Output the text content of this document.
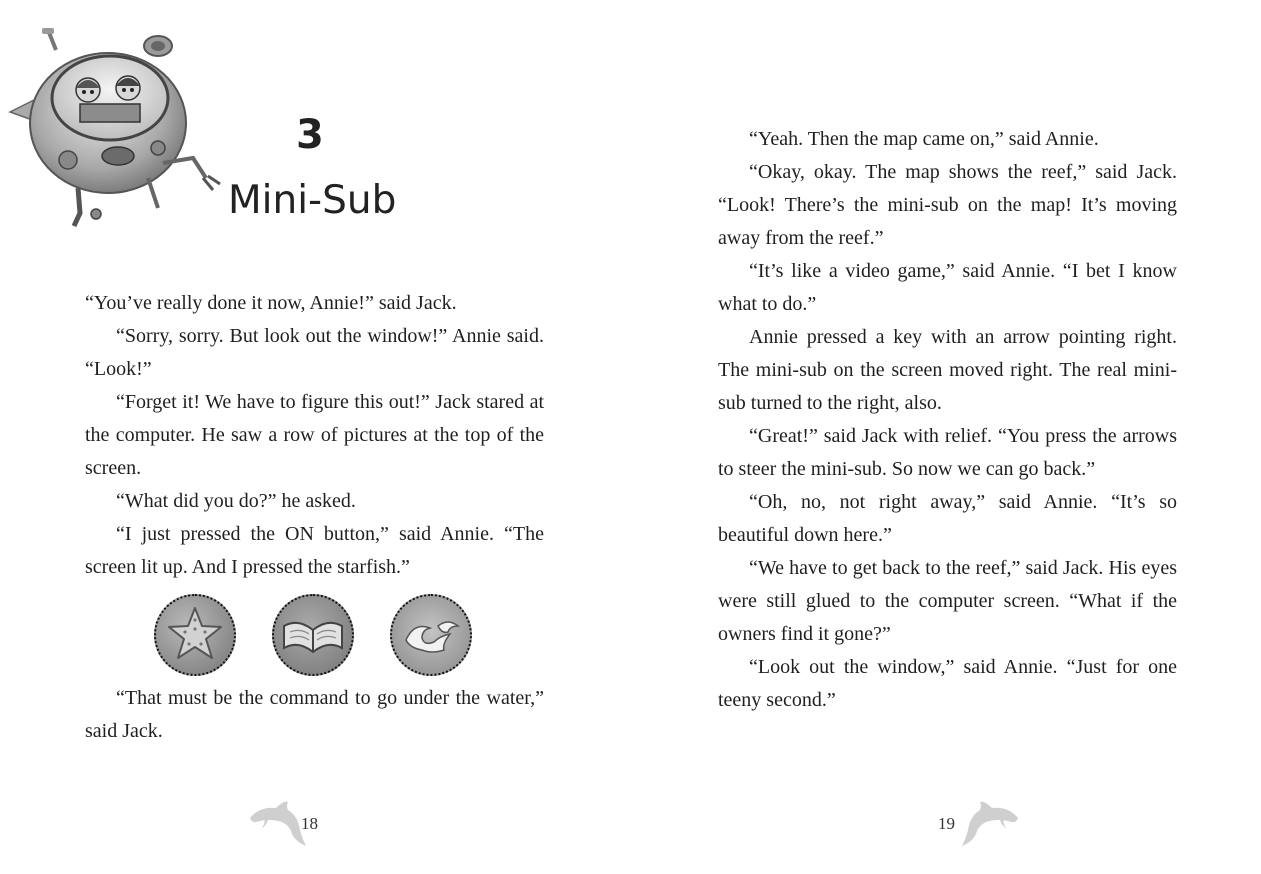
3
Mini-Sub

“You’ve really done it now, Annie!” said Jack.

“Sorry, sorry. But look out the window!” Annie said. “Look!”

“Forget it! We have to figure this out!” Jack stared at the computer. He saw a row of pictures at the top of the screen.

“What did you do?” he asked.

“I just pressed the ON button,” said Annie. “The screen lit up. And I pressed the starfish.”

“That must be the command to go under the water,” said Jack.

18

“Yeah. Then the map came on,” said Annie.

“Okay, okay. The map shows the reef,” said Jack. “Look! There’s the mini-sub on the map! It’s moving away from the reef.”

“It’s like a video game,” said Annie. “I bet I know what to do.”

Annie pressed a key with an arrow pointing right. The mini-sub on the screen moved right. The real mini-sub turned to the right, also.

“Great!” said Jack with relief. “You press the arrows to steer the mini-sub. So now we can go back.”

“Oh, no, not right away,” said Annie. “It’s so beautiful down here.”

“We have to get back to the reef,” said Jack. His eyes were still glued to the computer screen. “What if the owners find it gone?”

“Look out the window,” said Annie. “Just for one teeny second.”

19
